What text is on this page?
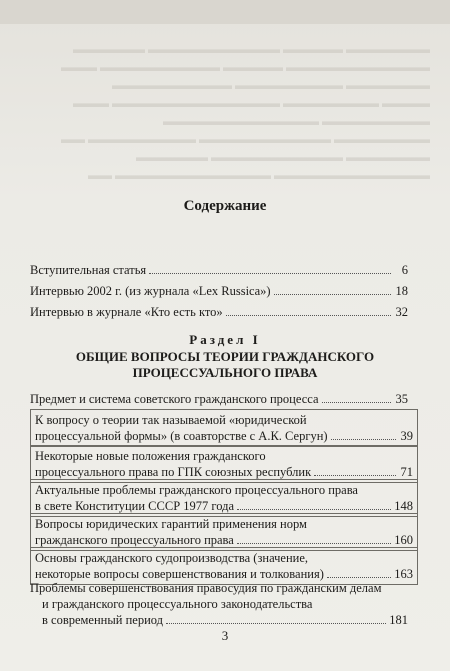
▬▬▬▬▬▬▬ ▬▬▬▬▬ ▬▬▬▬▬▬▬▬▬▬▬ ▬▬▬▬▬▬
▬▬▬▬▬▬▬▬▬▬▬▬ ▬▬▬▬▬ ▬▬▬▬▬▬▬▬▬▬ ▬▬▬
▬▬▬▬▬▬▬ ▬▬▬▬▬▬▬▬▬ ▬▬▬▬▬▬▬▬▬▬
▬▬▬▬ ▬▬▬▬▬▬▬▬ ▬▬▬▬▬▬▬▬▬▬▬▬▬▬ ▬▬▬
▬▬▬▬▬▬▬▬▬ ▬▬▬▬▬▬▬▬▬▬▬▬▬
▬▬▬▬▬▬▬▬ ▬▬▬▬▬▬▬▬▬▬▬ ▬▬▬▬▬▬▬▬▬ ▬▬
▬▬▬▬▬▬▬ ▬▬▬▬▬▬▬▬▬▬▬ ▬▬▬▬▬▬
▬▬▬▬▬▬▬▬▬▬▬▬▬ ▬▬▬▬▬▬▬▬▬▬▬▬▬ ▬▬
Содержание
Вступительная статья	6
Интервью 2002 г. (из журнала «Lex Russica»)	18
Интервью в журнале «Кто есть кто»	32
Раздел I
ОБЩИЕ ВОПРОСЫ ТЕОРИИ ГРАЖДАНСКОГО
ПРОЦЕССУАЛЬНОГО ПРАВА
Предмет и система советского гражданского процесса	35
К вопросу о теории так называемой «юридической
процессуальной формы» (в соавторстве с А.К. Сергун)	39
Некоторые новые положения гражданского
процессуального права по ГПК союзных республик	71
Актуальные проблемы гражданского процессуального права
в свете Конституции СССР 1977 года	148
Вопросы юридических гарантий применения норм
гражданского процессуального права	160
Основы гражданского судопроизводства (значение,
некоторые вопросы совершенствования и толкования)	163
Проблемы совершенствования правосудия по гражданским делам
и гражданского процессуального законодательства
в современный период	181
3
